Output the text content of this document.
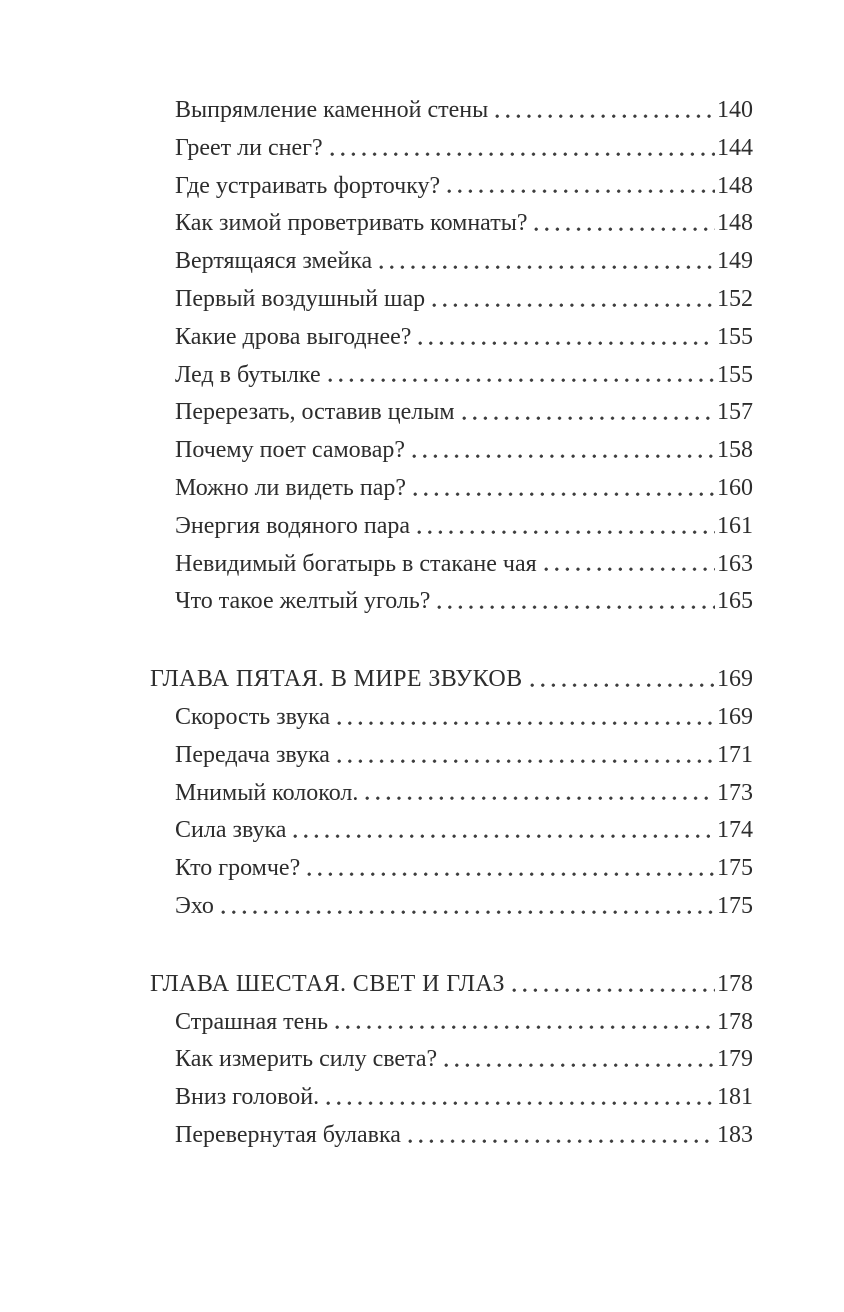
Выпрямление каменной стены	140
Греет ли снег?	144
Где устраивать форточку?	148
Как зимой проветривать комнаты?	148
Вертящаяся змейка	149
Первый воздушный шар	152
Какие дрова выгоднее?	155
Лед в бутылке	155
Перерезать, оставив целым	157
Почему поет самовар?	158
Можно ли видеть пар?	160
Энергия водяного пара	161
Невидимый богатырь в стакане чая	163
Что такое желтый уголь?	165
ГЛАВА ПЯТАЯ. В МИРЕ ЗВУКОВ	169
Скорость звука	169
Передача звука	171
Мнимый колокол.	173
Сила звука	174
Кто громче?	175
Эхо	175
ГЛАВА ШЕСТАЯ. СВЕТ И ГЛАЗ	178
Страшная тень	178
Как измерить силу света?	179
Вниз головой.	181
Перевернутая булавка	183
